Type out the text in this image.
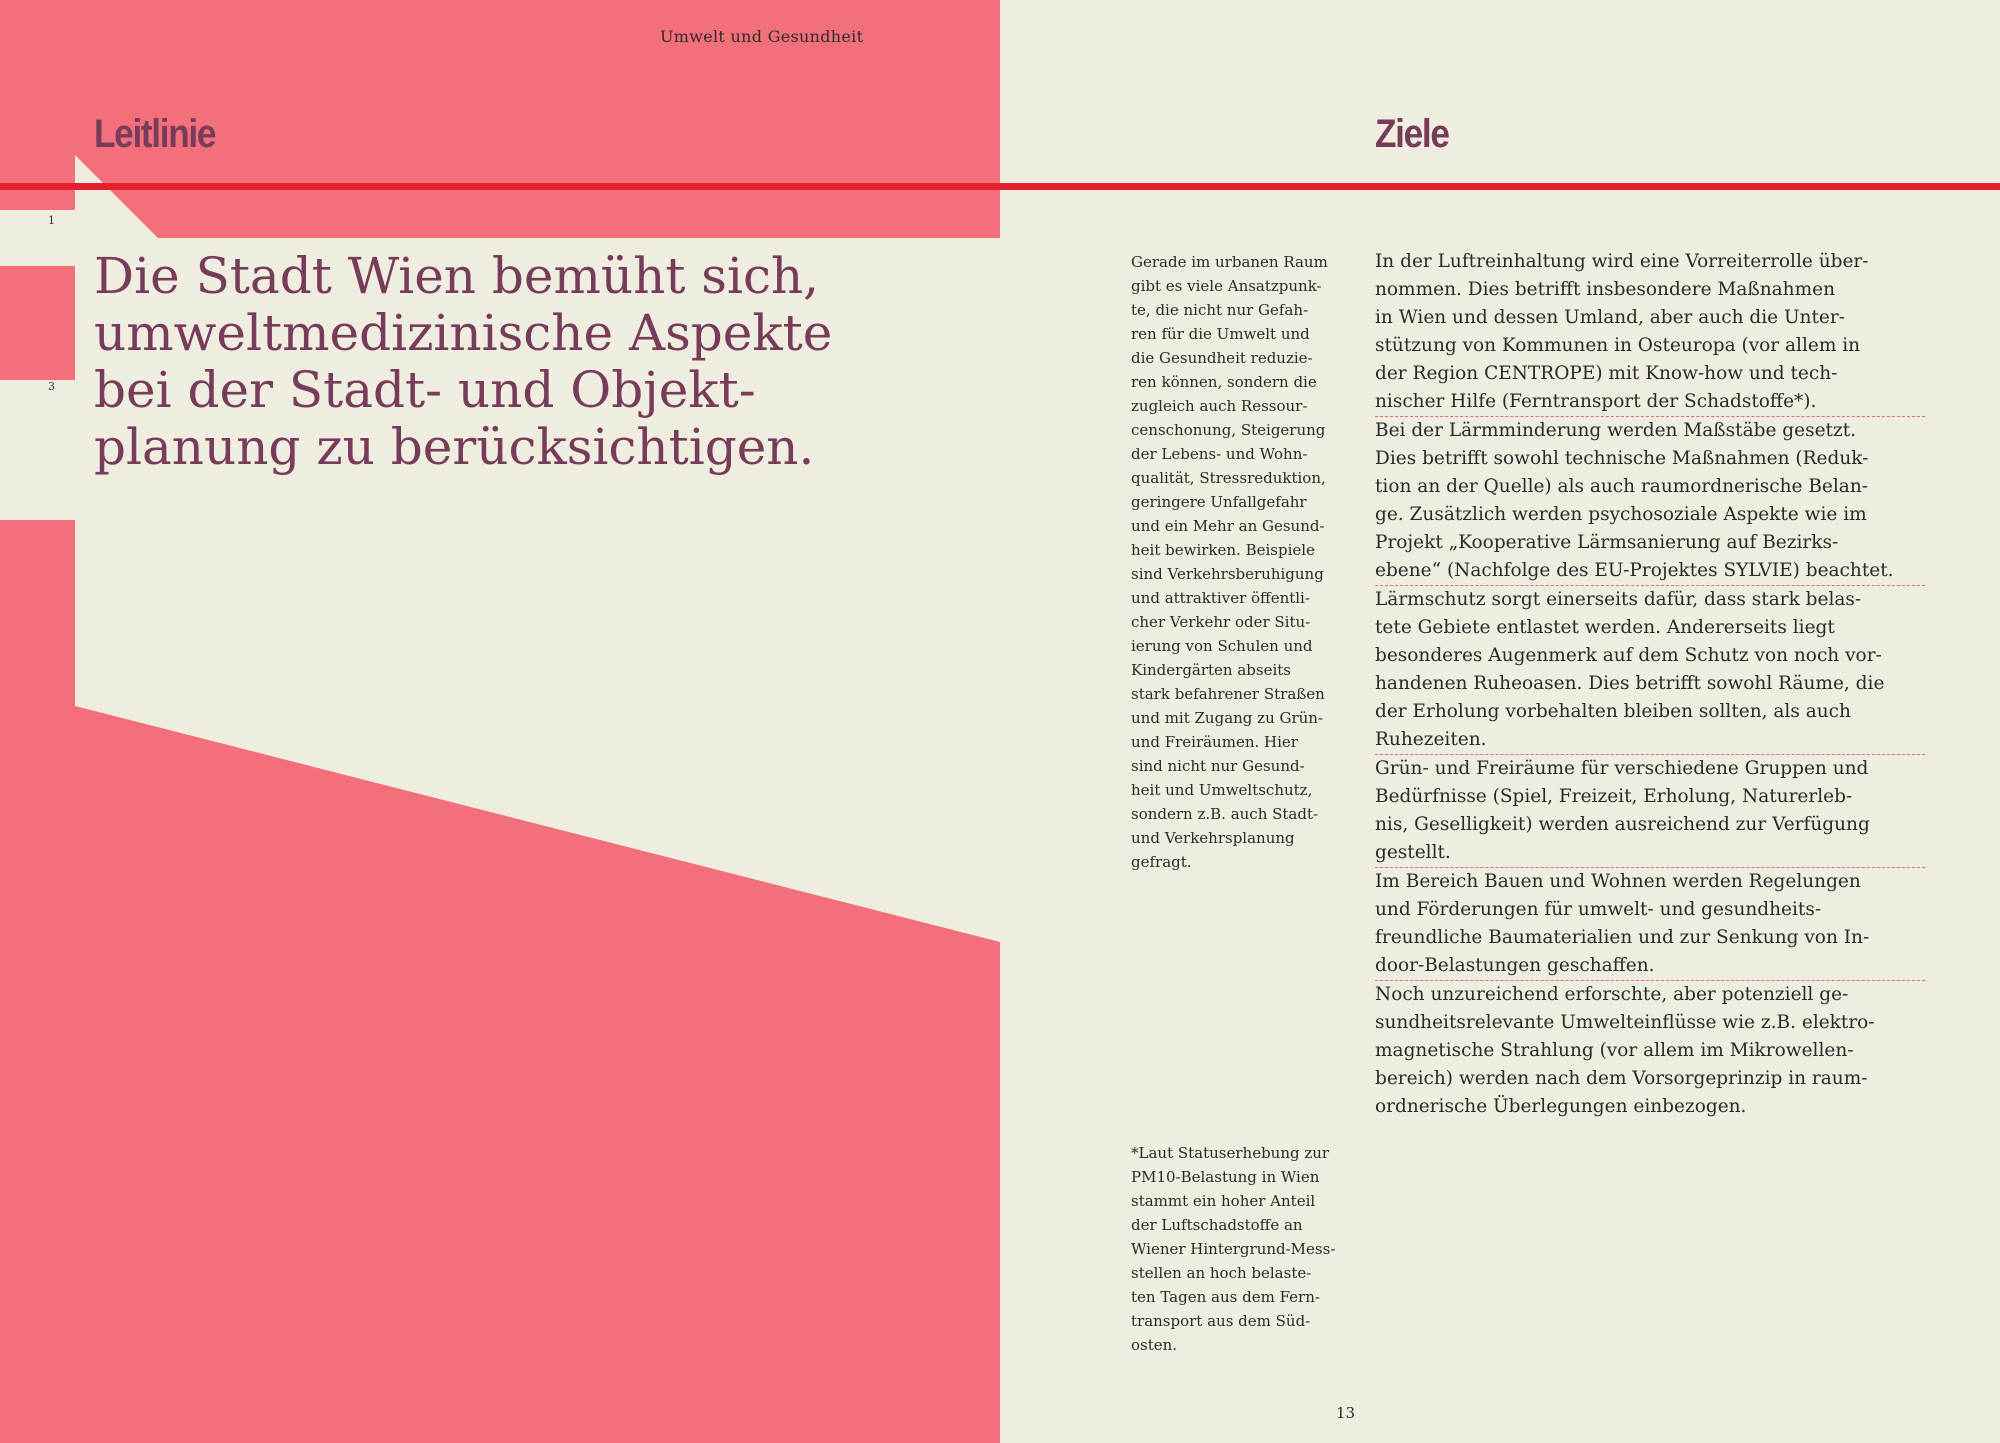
1
3
Die Stadt Wien bemüht sich,
umweltmedizinische Aspekte
bei der Stadt- und Objekt-
planung zu berücksichtigen.
Umwelt und Gesundheit
Leitlinie	Ziele
Gerade im urbanen Raum
gibt es viele Ansatzpunk-
te, die nicht nur Gefah-
ren für die Umwelt und
die Gesundheit reduzie-
ren können, sondern die
zugleich auch Ressour-
censchonung, Steigerung
der Lebens- und Wohn-
qualität, Stressreduktion,
geringere Unfallgefahr
und ein Mehr an Gesund-
heit bewirken. Beispiele
sind Verkehrsberuhigung
und attraktiver öffentli-
cher Verkehr oder Situ-
ierung von Schulen und
Kindergärten abseits
stark befahrener Straßen
und mit Zugang zu Grün-
und Freiräumen. Hier
sind nicht nur Gesund-
heit und Umweltschutz,
sondern z.B. auch Stadt-
und Verkehrsplanung
gefragt.
*Laut Statuserhebung zur
PM10-Belastung in Wien
stammt ein hoher Anteil
der Luftschadstoffe an
Wiener Hintergrund-Mess-
stellen an hoch belaste-
ten Tagen aus dem Fern-
transport aus dem Süd-
osten.
In der Luftreinhaltung wird eine Vorreiterrolle über-
nommen. Dies betrifft insbesondere Maßnahmen
in Wien und dessen Umland, aber auch die Unter-
stützung von Kommunen in Osteuropa (vor allem in
der Region CENTROPE) mit Know-how und tech-
nischer Hilfe (Ferntransport der Schadstoffe*).
Bei der Lärmminderung werden Maßstäbe gesetzt.
Dies betrifft sowohl technische Maßnahmen (Reduk-
tion an der Quelle) als auch raumordnerische Belan-
ge. Zusätzlich werden psychosoziale Aspekte wie im
Projekt „Kooperative Lärmsanierung auf Bezirks-
ebene“ (Nachfolge des EU-Projektes SYLVIE) beachtet.
Lärmschutz sorgt einerseits dafür, dass stark belas-
tete Gebiete entlastet werden. Andererseits liegt
besonderes Augenmerk auf dem Schutz von noch vor-
handenen Ruheoasen. Dies betrifft sowohl Räume, die
der Erholung vorbehalten bleiben sollten, als auch
Ruhezeiten.
Grün- und Freiräume für verschiedene Gruppen und
Bedürfnisse (Spiel, Freizeit, Erholung, Naturerleb-
nis, Geselligkeit) werden ausreichend zur Verfügung
gestellt.
Im Bereich Bauen und Wohnen werden Regelungen
und Förderungen für umwelt- und gesundheits-
freundliche Baumaterialien und zur Senkung von In-
door-Belastungen geschaffen.
Noch unzureichend erforschte, aber potenziell ge-
sundheitsrelevante Umwelteinflüsse wie z.B. elektro-
magnetische Strahlung (vor allem im Mikrowellen-
bereich) werden nach dem Vorsorgeprinzip in raum-
ordnerische Überlegungen einbezogen.
13
